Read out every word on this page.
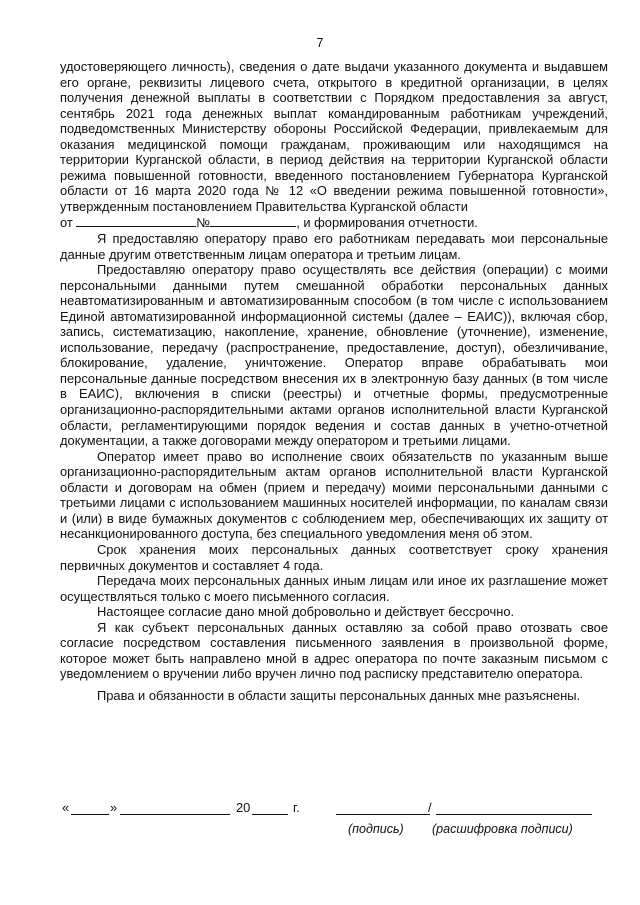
7

удостоверяющего личность), сведения о дате выдачи указанного документа и выдавшем его органе, реквизиты лицевого счета, открытого в кредитной организации, в целях получения денежной выплаты в соответствии с Порядком предоставления за август, сентябрь 2021 года денежных выплат командированным работникам учреждений, подведомственных Министерству обороны Российской Федерации, привлекаемым для оказания медицинской помощи гражданам, проживающим или находящимся на территории Курганской области, в период действия на территории Курганской области режима повышенной готовности, введенного постановлением Губернатора Курганской области от 16 марта 2020 года № 12 «О введении режима повышенной готовности», утвержденным постановлением Правительства Курганской области
от	№	, и формирования отчетности.

Я предоставляю оператору право его работникам передавать мои персональные данные другим ответственным лицам оператора и третьим лицам.

Предоставляю оператору право осуществлять все действия (операции) с моими персональными данными путем смешанной обработки персональных данных неавтоматизированным и автоматизированным способом (в том числе с использованием Единой автоматизированной информационной системы (далее – ЕАИС)), включая сбор, запись, систематизацию, накопление, хранение, обновление (уточнение), изменение, использование, передачу (распространение, предоставление, доступ), обезличивание, блокирование, удаление, уничтожение. Оператор вправе обрабатывать мои персональные данные посредством внесения их в электронную базу данных (в том числе в ЕАИС), включения в списки (реестры) и отчетные формы, предусмотренные организационно-распорядительными актами органов исполнительной власти Курганской области, регламентирующими порядок ведения и состав данных в учетно-отчетной документации, а также договорами между оператором и третьими лицами.

Оператор имеет право во исполнение своих обязательств по указанным выше организационно-распорядительным актам органов исполнительной власти Курганской области и договорам на обмен (прием и передачу) моими персональными данными с третьими лицами с использованием машинных носителей информации, по каналам связи и (или) в виде бумажных документов с соблюдением мер, обеспечивающих их защиту от несанкционированного доступа, без специального уведомления меня об этом.

Срок хранения моих персональных данных соответствует сроку хранения первичных документов и составляет 4 года.

Передача моих персональных данных иным лицам или иное их разглашение может осуществляться только с моего письменного согласия.

Настоящее согласие дано мной добровольно и действует бессрочно.

Я как субъект персональных данных оставляю за собой право отозвать свое согласие посредством составления письменного заявления в произвольной форме, которое может быть направлено мной в адрес оператора по почте заказным письмом с уведомлением о вручении либо вручен лично под расписку представителю оператора.

Права и обязанности в области защиты персональных данных мне разъяснены.

«	»	20	г.	/
(подпись) (расшифровка подписи)
